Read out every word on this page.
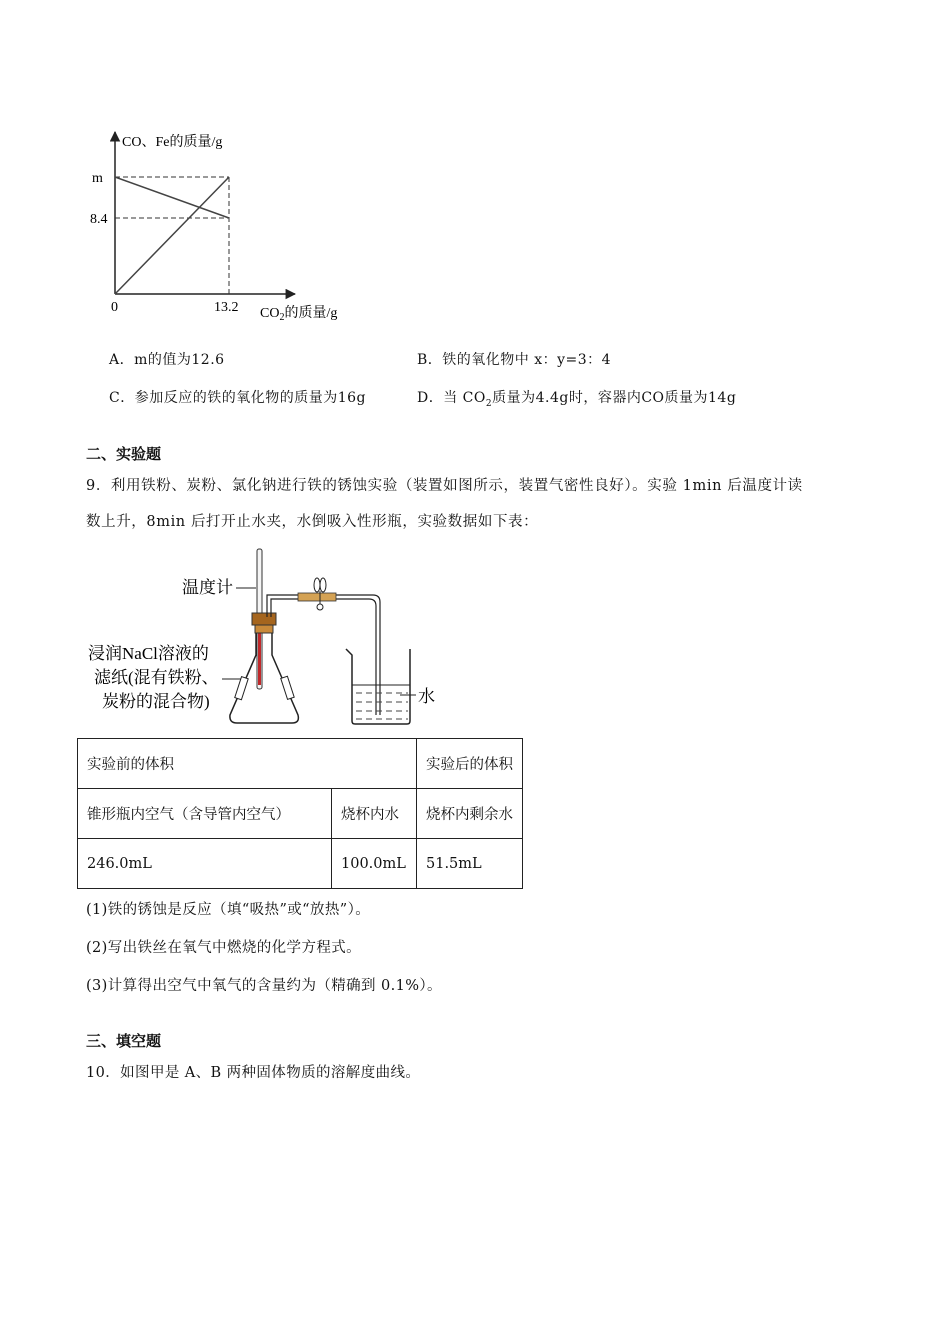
CO、Fe的质量/g
m
8.4
0	13.2 $CO_2$的质量/g
A．m的值为12.6	B．铁的氧化物中 x：y=3：4
C．参加反应的铁的氧化物的质量为16g	D．当 $CO_2$质量为4.4g时，容器内CO质量为14g
二、实验题
9．利用铁粉、炭粉、氯化钠进行铁的锈蚀实验（装置如图所示，装置气密性良好）。实验 1min 后温度计读
数上升，8min 后打开止水夹，水倒吸入性形瓶，实验数据如下表：
温度计
浸润NaCl溶液的
滤纸(混有铁粉、
炭粉的混合物)	水
实验前的体积		实验后的体积
锥形瓶内空气（含导管内空气）	烧杯内水	烧杯内剩余水
246.0mL	100.0mL	51.5mL
(1)铁的锈蚀是反应（填“吸热”或“放热”）。
(2)写出铁丝在氧气中燃烧的化学方程式。
(3)计算得出空气中氧气的含量约为（精确到 0.1%）。
三、填空题
10．如图甲是 A、B 两种固体物质的溶解度曲线。
